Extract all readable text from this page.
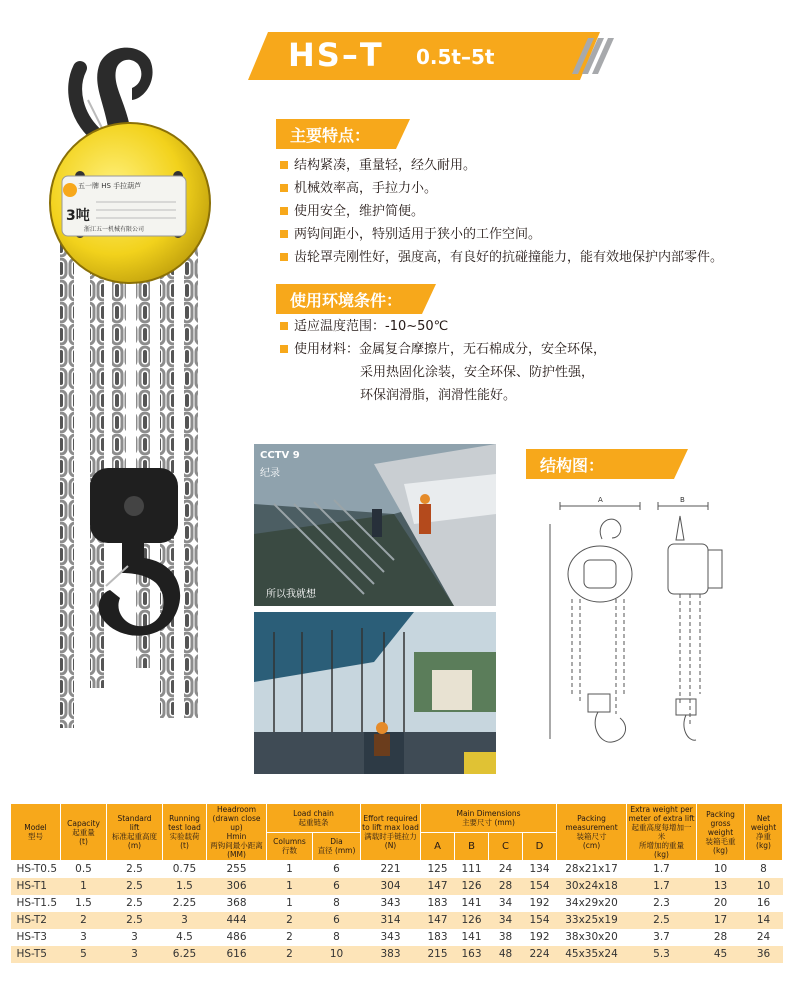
HS–T 0.5t–5t
五一牌 HS 手拉葫芦
3吨
浙江五一机械有限公司
主要特点：
结构紧凑，重量轻，经久耐用。
机械效率高，手拉力小。
使用安全，维护简便。
两钩间距小，特别适用于狭小的工作空间。
齿轮罩壳刚性好，强度高，有良好的抗碰撞能力，能有效地保护内部零件。
使用环境条件：
适应温度范围：-10~50℃
使用材料：金属复合摩擦片，无石棉成分，安全环保，
采用热固化涂装，安全环保、防护性强，
环保润滑脂，润滑性能好。
CCTV 9
纪录
所以我就想
结构图：
A	B
Model
型号	Capacity
起重量
(t)	Standard
lift
标准起重高度
(m)	Running
test load
实验载荷
(t)	Headroom
(drawn close up)
Hmin
两钩间最小距离
(MM)	Load chain
起重链条		Effort required
to lift max load
满载时手链拉力
(N)	Main Dimensions
主要尺寸 (mm)				Packing
measurement
装箱尺寸
(cm)	Extra weight per
meter of extra lift
起重高度每增加一米
所增加的重量
(kg)	Packing gross
weight
装箱毛重
(kg)	Net
weight
净重
(kg)
					Columns
行数	Dia
直径 (mm)		A	B	C	D				
HS-T0.5	0.5	2.5	0.75	255	1	6	221	125	111	24	134	28x21x17	1.7	10	8
HS-T1	1	2.5	1.5	306	1	6	304	147	126	28	154	30x24x18	1.7	13	10
HS-T1.5	1.5	2.5	2.25	368	1	8	343	183	141	34	192	34x29x20	2.3	20	16
HS-T2	2	2.5	3	444	2	6	314	147	126	34	154	33x25x19	2.5	17	14
HS-T3	3	3	4.5	486	2	8	343	183	141	38	192	38x30x20	3.7	28	24
HS-T5	5	3	6.25	616	2	10	383	215	163	48	224	45x35x24	5.3	45	36
